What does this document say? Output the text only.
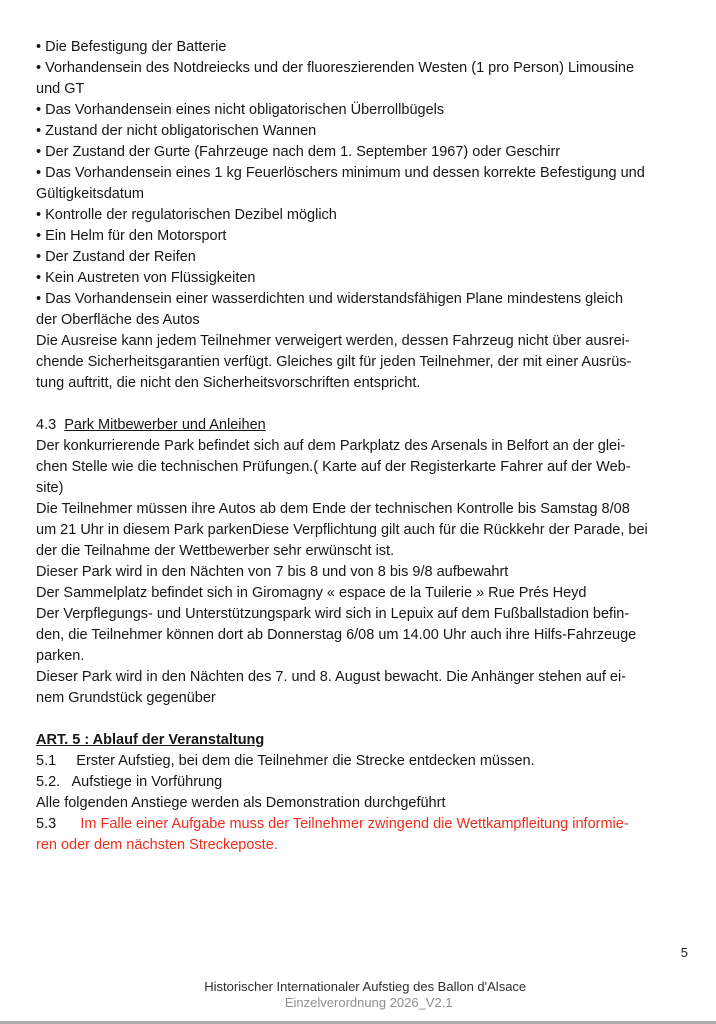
• Die Befestigung der Batterie
• Vorhandensein des Notdreiecks und der fluoreszierenden Westen (1 pro Person) Limousine
und GT
• Das Vorhandensein eines nicht obligatorischen Überrollbügels
• Zustand der nicht obligatorischen Wannen
• Der Zustand der Gurte (Fahrzeuge nach dem 1. September 1967) oder Geschirr
• Das Vorhandensein eines 1 kg Feuerlöschers minimum und dessen korrekte Befestigung und
Gültigkeitsdatum
• Kontrolle der regulatorischen Dezibel möglich
• Ein Helm für den Motorsport
• Der Zustand der Reifen
• Kein Austreten von Flüssigkeiten
• Das Vorhandensein einer wasserdichten und widerstandsfähigen Plane mindestens gleich
der Oberfläche des Autos
Die Ausreise kann jedem Teilnehmer verweigert werden, dessen Fahrzeug nicht über ausrei-
chende Sicherheitsgarantien verfügt. Gleiches gilt für jeden Teilnehmer, der mit einer Ausrüs-
tung auftritt, die nicht den Sicherheitsvorschriften entspricht.

4.3  Park Mitbewerber und Anleihen
Der konkurrierende Park befindet sich auf dem Parkplatz des Arsenals in Belfort an der glei-
chen Stelle wie die technischen Prüfungen.( Karte auf der Registerkarte Fahrer auf der Web-
site)
Die Teilnehmer müssen ihre Autos ab dem Ende der technischen Kontrolle bis Samstag 8/08
um 21 Uhr in diesem Park parkenDiese Verpflichtung gilt auch für die Rückkehr der Parade, bei
der die Teilnahme der Wettbewerber sehr erwünscht ist.
Dieser Park wird in den Nächten von 7 bis 8 und von 8 bis 9/8 aufbewahrt
Der Sammelplatz befindet sich in Giromagny « espace de la Tuilerie » Rue Prés Heyd
Der Verpflegungs- und Unterstützungspark wird sich in Lepuix auf dem Fußballstadion befin-
den, die Teilnehmer können dort ab Donnerstag 6/08 um 14.00 Uhr auch ihre Hilfs-Fahrzeuge
parken.
Dieser Park wird in den Nächten des 7. und 8. August bewacht. Die Anhänger stehen auf ei-
nem Grundstück gegenüber

ART. 5 : Ablauf der Veranstaltung
5.1     Erster Aufstieg, bei dem die Teilnehmer die Strecke entdecken müssen.
5.2.   Aufstiege in Vorführung
Alle folgenden Anstiege werden als Demonstration durchgeführt
5.3      Im Falle einer Aufgabe muss der Teilnehmer zwingend die Wettkampfleitung informie-
ren oder dem nächsten Streckeposte.
5

Historischer Internationaler Aufstieg des Ballon d'Alsace
Einzelverordnung 2026_V2.1
